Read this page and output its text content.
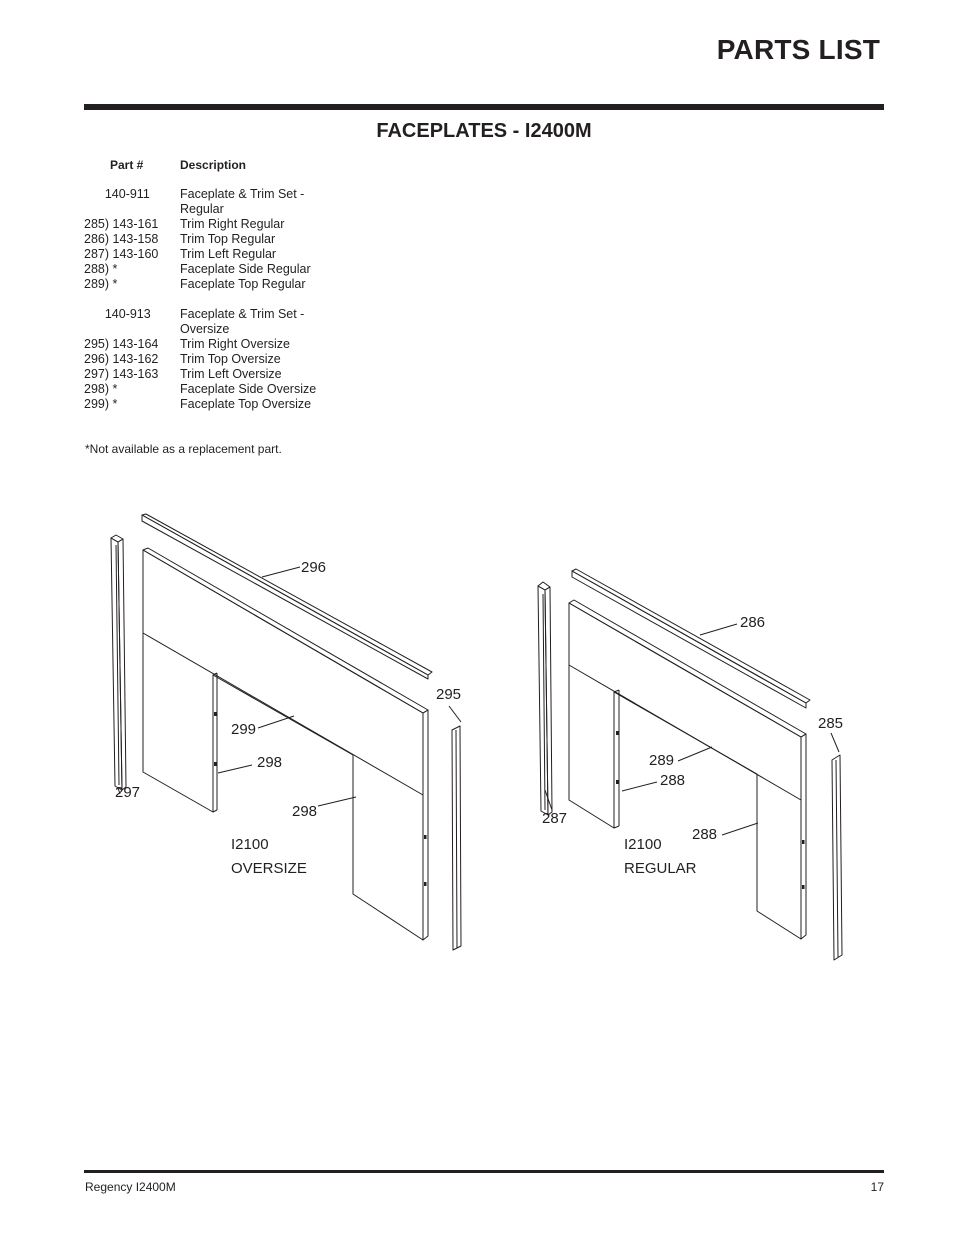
PARTS LIST
FACEPLATES - I2400M
Part #	Description
140-911	Faceplate & Trim Set - Regular
285) 143-161	Trim Right Regular
286) 143-158	Trim Top Regular
287) 143-160	Trim Left Regular
288) *	Faceplate Side Regular
289) *	Faceplate Top Regular
140-913	Faceplate & Trim Set - Oversize
295) 143-164	Trim Right Oversize
296) 143-162	Trim Top Oversize
297) 143-163	Trim Left Oversize
298) *	Faceplate Side Oversize
299) *	Faceplate Top Oversize
*Not available as a replacement part.
296
295
299
298
297
298
I2100
OVERSIZE
286
285
289
288
287
288
I2100
REGULAR
Regency I2400M	17
